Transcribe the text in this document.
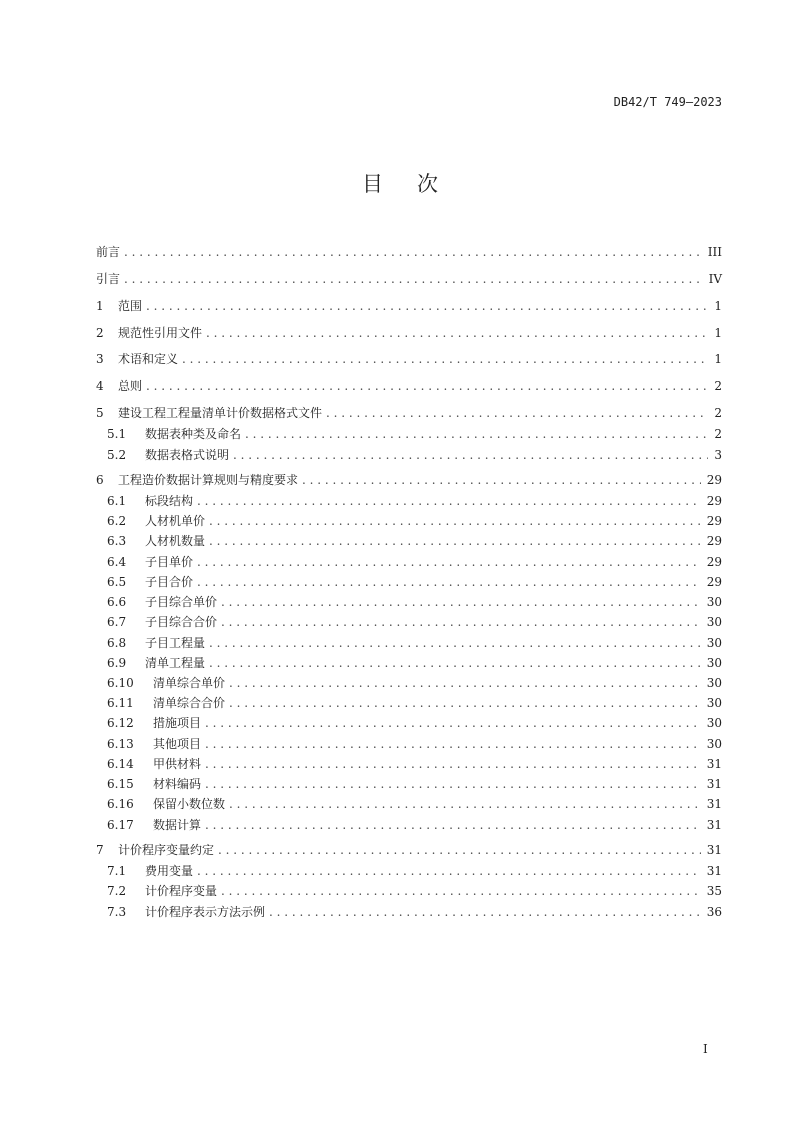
DB42/T 749—2023
目次
前言 . . .	III
引言 . . .	IV
1	范围 . . .	1
2	规范性引用文件 . . .	1
3	术语和定义 . . .	1
4	总则 . . .	2
5	建设工程工程量清单计价数据格式文件 . . .	2
5.1	数据表种类及命名 . . .	2
5.2	数据表格式说明 . . .	3
6	工程造价数据计算规则与精度要求 . . .	29
6.1	标段结构 . . .	29
6.2	人材机单价 . . .	29
6.3	人材机数量 . . .	29
6.4	子目单价 . . .	29
6.5	子目合价 . . .	29
6.6	子目综合单价 . . .	30
6.7	子目综合合价 . . .	30
6.8	子目工程量 . . .	30
6.9	清单工程量 . . .	30
6.10	清单综合单价 . . .	30
6.11	清单综合合价 . . .	30
6.12	措施项目 . . .	30
6.13	其他项目 . . .	30
6.14	甲供材料 . . .	31
6.15	材料编码 . . .	31
6.16	保留小数位数 . . .	31
6.17	数据计算 . . .	31
7	计价程序变量约定 . . .	31
7.1	费用变量 . . .	31
7.2	计价程序变量 . . .	35
7.3	计价程序表示方法示例 . . .	36
I
